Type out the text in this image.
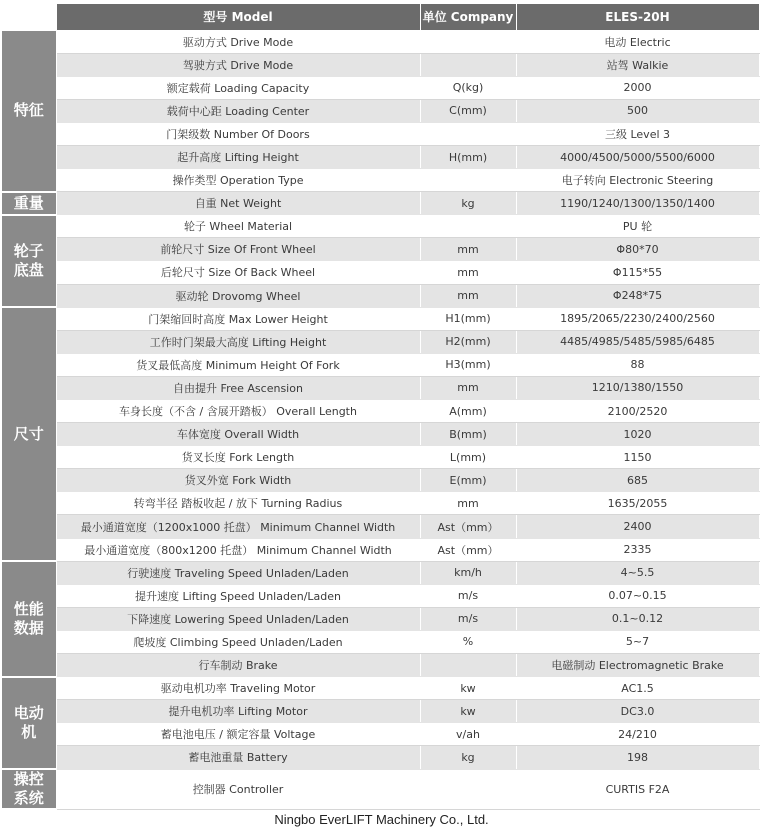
	型号 Model	单位 Company	ELES-20H
特征	驱动方式 Drive Mode		电动 Electric
	驾驶方式 Drive Mode		站驾 Walkie
	额定载荷 Loading Capacity	Q(kg)	2000
	载荷中心距 Loading Center	C(mm)	500
	门架级数 Number Of Doors		三级 Level 3
	起升高度 Lifting Height	H(mm)	4000/4500/5000/5500/6000
	操作类型 Operation Type		电子转向 Electronic Steering
重量	自重 Net Weight	kg	1190/1240/1300/1350/1400
轮子底盘	轮子 Wheel Material		PU 轮
	前轮尺寸 Size Of Front Wheel	mm	Φ80*70
	后轮尺寸 Size Of Back Wheel	mm	Φ115*55
	驱动轮 Drovomg Wheel	mm	Φ248*75
尺寸	门架缩回时高度 Max Lower Height	H1(mm)	1895/2065/2230/2400/2560
	工作时门架最大高度 Lifting Height	H2(mm)	4485/4985/5485/5985/6485
	货叉最低高度 Minimum Height Of Fork	H3(mm)	88
	自由提升 Free Ascension	mm	1210/1380/1550
	车身长度（不含 / 含展开踏板） Overall Length	A(mm)	2100/2520
	车体宽度 Overall Width	B(mm)	1020
	货叉长度 Fork Length	L(mm)	1150
	货叉外宽 Fork Width	E(mm)	685
	转弯半径 踏板收起 / 放下 Turning Radius	mm	1635/2055
	最小通道宽度（1200x1000 托盘） Minimum Channel Width	Ast（mm）	2400
	最小通道宽度（800x1200 托盘） Minimum Channel Width	Ast（mm）	2335
性能数据	行驶速度 Traveling Speed Unladen/Laden	km/h	4~5.5
	提升速度 Lifting Speed Unladen/Laden	m/s	0.07~0.15
	下降速度 Lowering Speed Unladen/Laden	m/s	0.1~0.12
	爬坡度 Climbing Speed Unladen/Laden	%	5~7
	行车制动 Brake		电磁制动 Electromagnetic Brake
电动机	驱动电机功率 Traveling Motor	kw	AC1.5
	提升电机功率 Lifting Motor	kw	DC3.0
	蓄电池电压 / 额定容量 Voltage	v/ah	24/210
	蓄电池重量 Battery	kg	198
操控系统	控制器 Controller		CURTIS F2A
Ningbo EverLIFT Machinery Co., Ltd.
